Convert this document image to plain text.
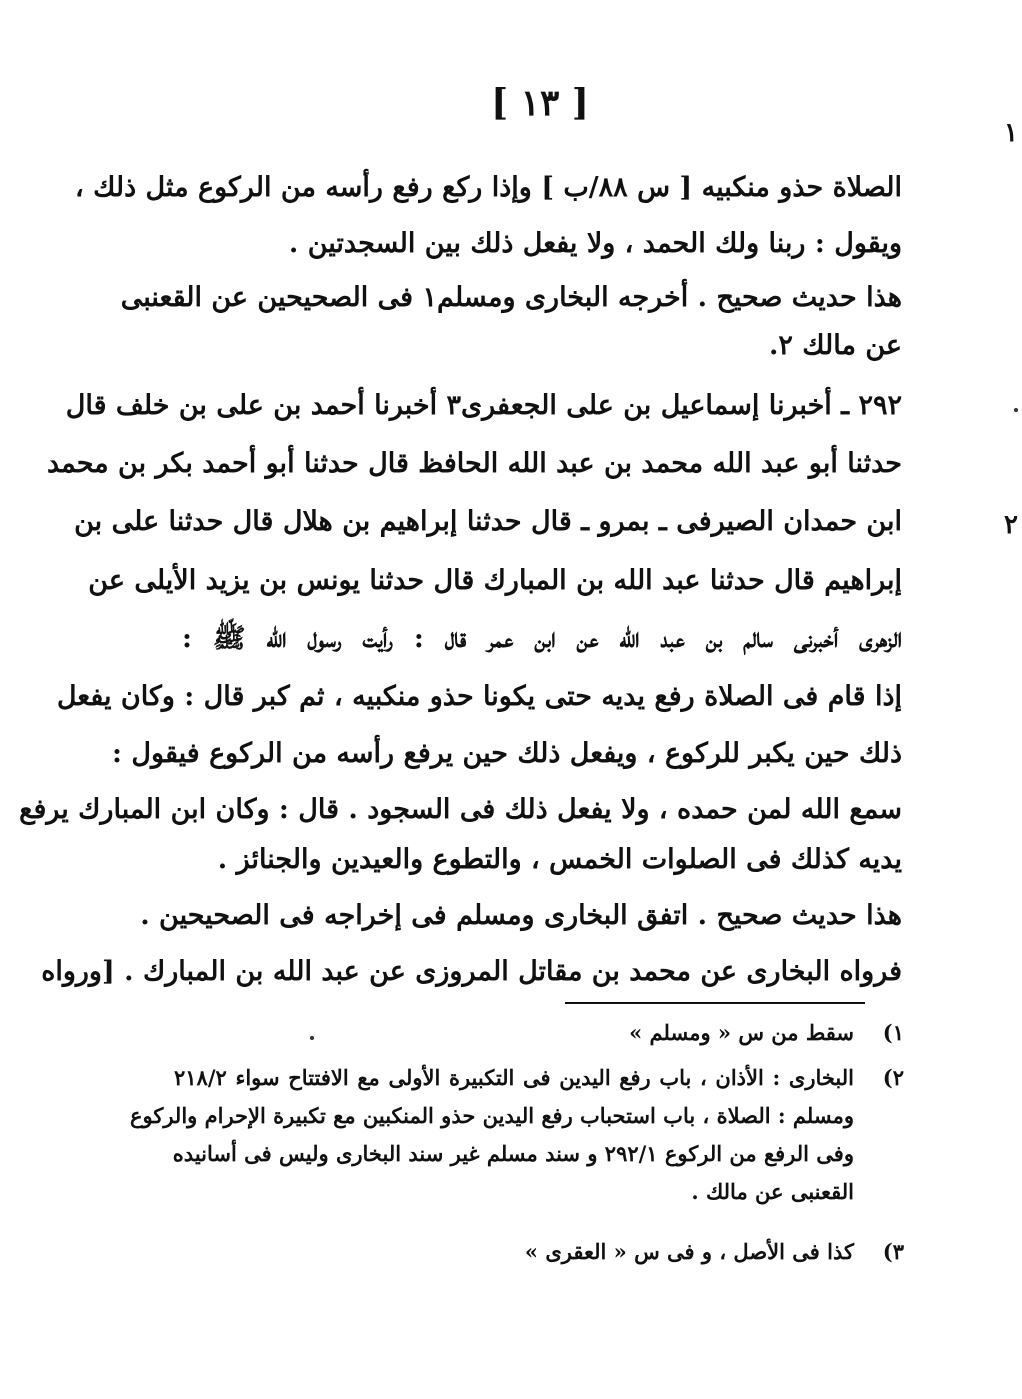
[ ١٣ ]
الصلاة حذو منكبيه [ س ٨٨/ب ] وإذا ركع رفع رأسه من الركوع مثل ذلك ،
ويقول : ربنا ولك الحمد ، ولا يفعل ذلك بين السجدتين .
هذا حديث صحيح . أخرجه البخارى ومسلم١ فى الصحيحين عن القعنبى
عن مالك ٢.
٢٩٢ ـ أخبرنا إسماعيل بن على الجعفرى٣ أخبرنا أحمد بن على بن خلف قال
حدثنا أبو عبد الله محمد بن عبد الله الحافظ قال حدثنا أبو أحمد بكر بن محمد
ابن حمدان الصيرفى ـ بمرو ـ قال حدثنا إبراهيم بن هلال قال حدثنا على بن
إبراهيم قال حدثنا عبد الله بن المبارك قال حدثنا يونس بن يزيد الأيلى عن
الزهرى أخبرنى سالم بن عبد الله عن ابن عمر قال : رأيت رسول الله ﷺ :
إذا قام فى الصلاة رفع يديه حتى يكونا حذو منكبيه ، ثم كبر قال : وكان يفعل
ذلك حين يكبر للركوع ، ويفعل ذلك حين يرفع رأسه من الركوع فيقول :
سمع الله لمن حمده ، ولا يفعل ذلك فى السجود . قال : وكان ابن المبارك يرفع
يديه كذلك فى الصلوات الخمس ، والتطوع والعيدين والجنائز .
هذا حديث صحيح . اتفق البخارى ومسلم فى إخراجه فى الصحيحين .
فرواه البخارى عن محمد بن مقاتل المروزى عن عبد الله بن المبارك . [ورواه
١)
سقط من س « ومسلم »
٢)
البخارى : الأذان ، باب رفع اليدين فى التكبيرة الأولى مع الافتتاح سواء ٢١٨/٢
ومسلم : الصلاة ، باب استحباب رفع اليدين حذو المنكبين مع تكبيرة الإحرام والركوع
وفى الرفع من الركوع ٢٩٢/١ و سند مسلم غير سند البخارى وليس فى أسانيده
القعنبى عن مالك .
٣)
كذا فى الأصل ، و فى س « العقرى »
۱
۲
